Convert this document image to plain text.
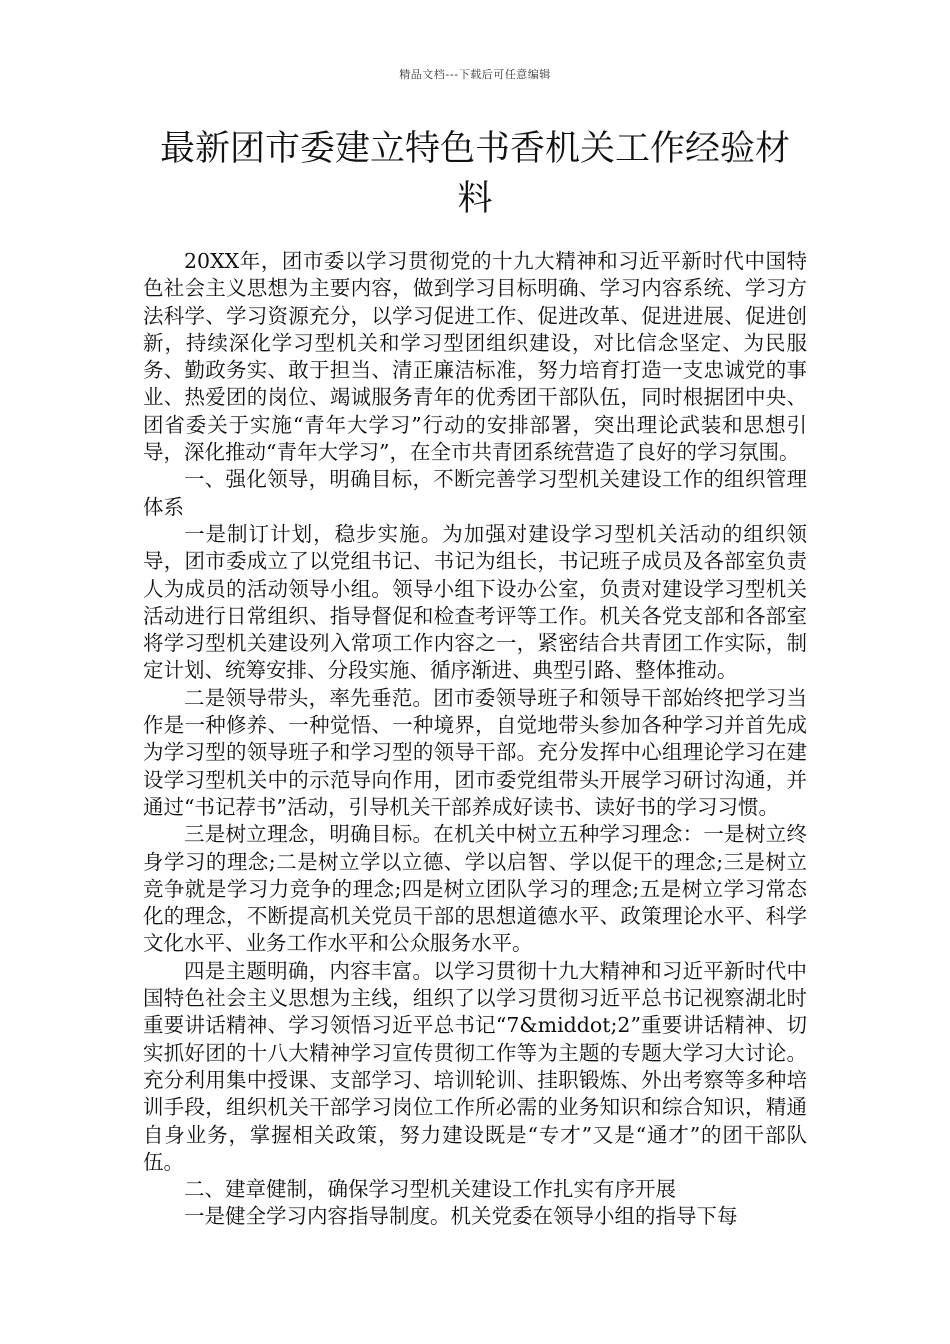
精品文档---下载后可任意编辑
最新团市委建立特色书香机关工作经验材料

20XX年，团市委以学习贯彻党的十九大精神和习近平新时代中国特色社会主义思想为主要内容，做到学习目标明确、学习内容系统、学习方法科学、学习资源充分，以学习促进工作、促进改革、促进进展、促进创新，持续深化学习型机关和学习型团组织建设，对比信念坚定、为民服务、勤政务实、敢于担当、清正廉洁标准，努力培育打造一支忠诚党的事业、热爱团的岗位、竭诚服务青年的优秀团干部队伍，同时根据团中央、团省委关于实施“青年大学习”行动的安排部署，突出理论武装和思想引导，深化推动“青年大学习”，在全市共青团系统营造了良好的学习氛围。

一、强化领导，明确目标，不断完善学习型机关建设工作的组织管理体系

一是制订计划，稳步实施。为加强对建设学习型机关活动的组织领导，团市委成立了以党组书记、书记为组长，书记班子成员及各部室负责人为成员的活动领导小组。领导小组下设办公室，负责对建设学习型机关活动进行日常组织、指导督促和检查考评等工作。机关各党支部和各部室将学习型机关建设列入常项工作内容之一，紧密结合共青团工作实际，制定计划、统筹安排、分段实施、循序渐进、典型引路、整体推动。

二是领导带头，率先垂范。团市委领导班子和领导干部始终把学习当作是一种修养、一种觉悟、一种境界，自觉地带头参加各种学习并首先成为学习型的领导班子和学习型的领导干部。充分发挥中心组理论学习在建设学习型机关中的示范导向作用，团市委党组带头开展学习研讨沟通，并通过“书记荐书”活动，引导机关干部养成好读书、读好书的学习习惯。

三是树立理念，明确目标。在机关中树立五种学习理念：一是树立终身学习的理念;二是树立学以立德、学以启智、学以促干的理念;三是树立竞争就是学习力竞争的理念;四是树立团队学习的理念;五是树立学习常态化的理念，不断提高机关党员干部的思想道德水平、政策理论水平、科学文化水平、业务工作水平和公众服务水平。

四是主题明确，内容丰富。以学习贯彻十九大精神和习近平新时代中国特色社会主义思想为主线，组织了以学习贯彻习近平总书记视察湖北时重要讲话精神、学习领悟习近平总书记“7&middot;2”重要讲话精神、切实抓好团的十八大精神学习宣传贯彻工作等为主题的专题大学习大讨论。充分利用集中授课、支部学习、培训轮训、挂职锻炼、外出考察等多种培训手段，组织机关干部学习岗位工作所必需的业务知识和综合知识，精通自身业务，掌握相关政策，努力建设既是“专才”又是“通才”的团干部队伍。

二、建章健制，确保学习型机关建设工作扎实有序开展

一是健全学习内容指导制度。机关党委在领导小组的指导下每
